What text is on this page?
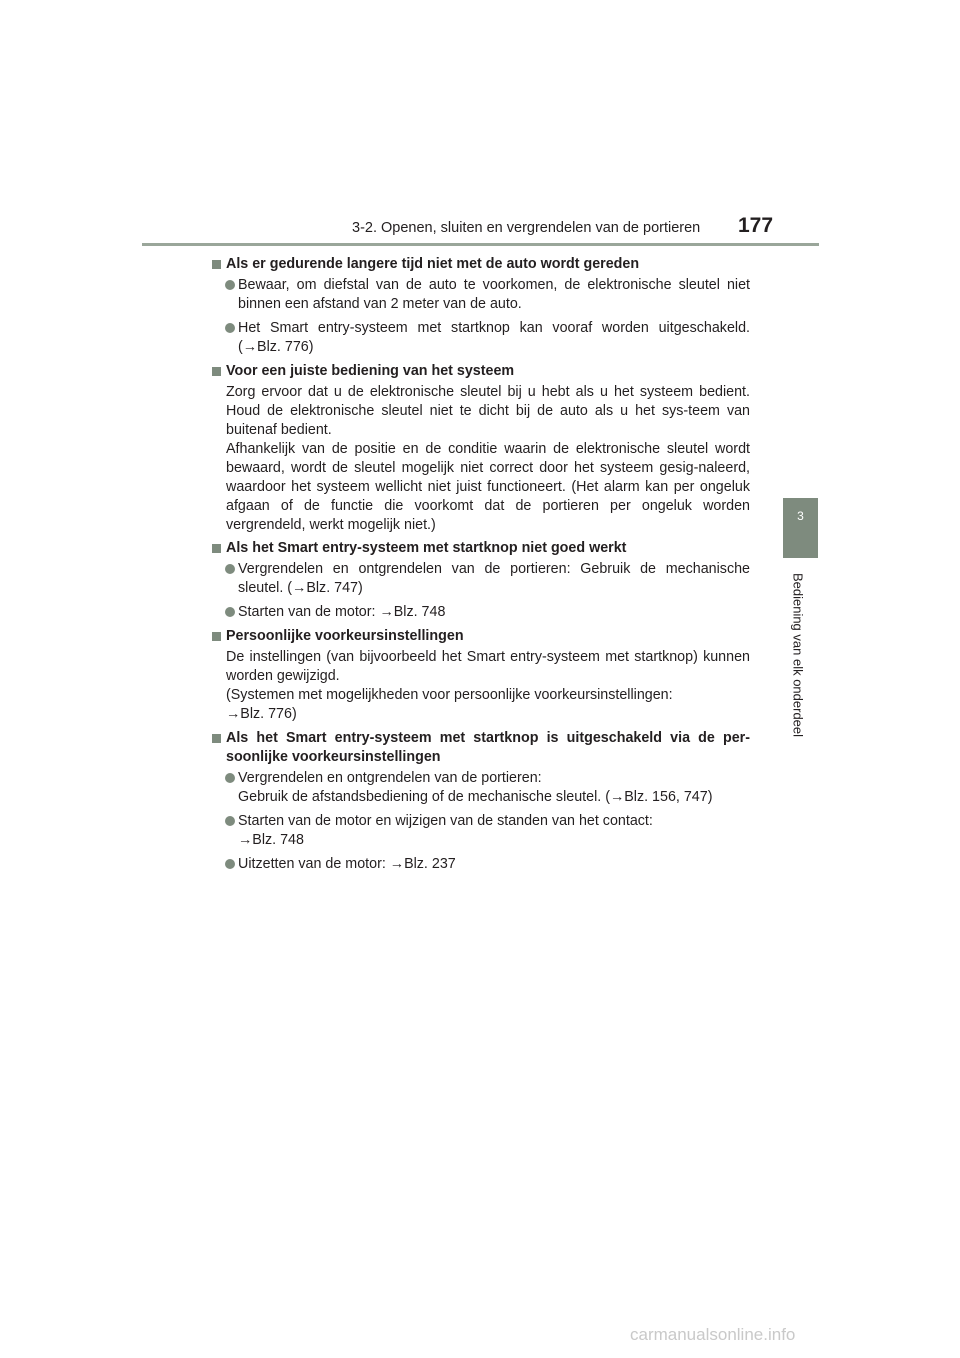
3-2. Openen, sluiten en vergrendelen van de portieren 177
3
Bediening van elk onderdeel
Als er gedurende langere tijd niet met de auto wordt gereden
Bewaar, om diefstal van de auto te voorkomen, de elektronische sleutel niet binnen een afstand van 2 meter van de auto.
Het Smart entry-systeem met startknop kan vooraf worden uitgeschakeld. (→Blz. 776)
Voor een juiste bediening van het systeem
Zorg ervoor dat u de elektronische sleutel bij u hebt als u het systeem bedient. Houd de elektronische sleutel niet te dicht bij de auto als u het sys-teem van buitenaf bedient.
Afhankelijk van de positie en de conditie waarin de elektronische sleutel wordt bewaard, wordt de sleutel mogelijk niet correct door het systeem gesig-naleerd, waardoor het systeem wellicht niet juist functioneert. (Het alarm kan per ongeluk afgaan of de functie die voorkomt dat de portieren per ongeluk worden vergrendeld, werkt mogelijk niet.)
Als het Smart entry-systeem met startknop niet goed werkt
Vergrendelen en ontgrendelen van de portieren: Gebruik de mechanische sleutel. (→Blz. 747)
Starten van de motor: →Blz. 748
Persoonlijke voorkeursinstellingen
De instellingen (van bijvoorbeeld het Smart entry-systeem met startknop) kunnen worden gewijzigd.
(Systemen met mogelijkheden voor persoonlijke voorkeursinstellingen:
→Blz. 776)
Als het Smart entry-systeem met startknop is uitgeschakeld via de per-soonlijke voorkeursinstellingen
Vergrendelen en ontgrendelen van de portieren:
Gebruik de afstandsbediening of de mechanische sleutel. (→Blz. 156, 747)
Starten van de motor en wijzigen van de standen van het contact:
→Blz. 748
Uitzetten van de motor: →Blz. 237
carmanualsonline.info
